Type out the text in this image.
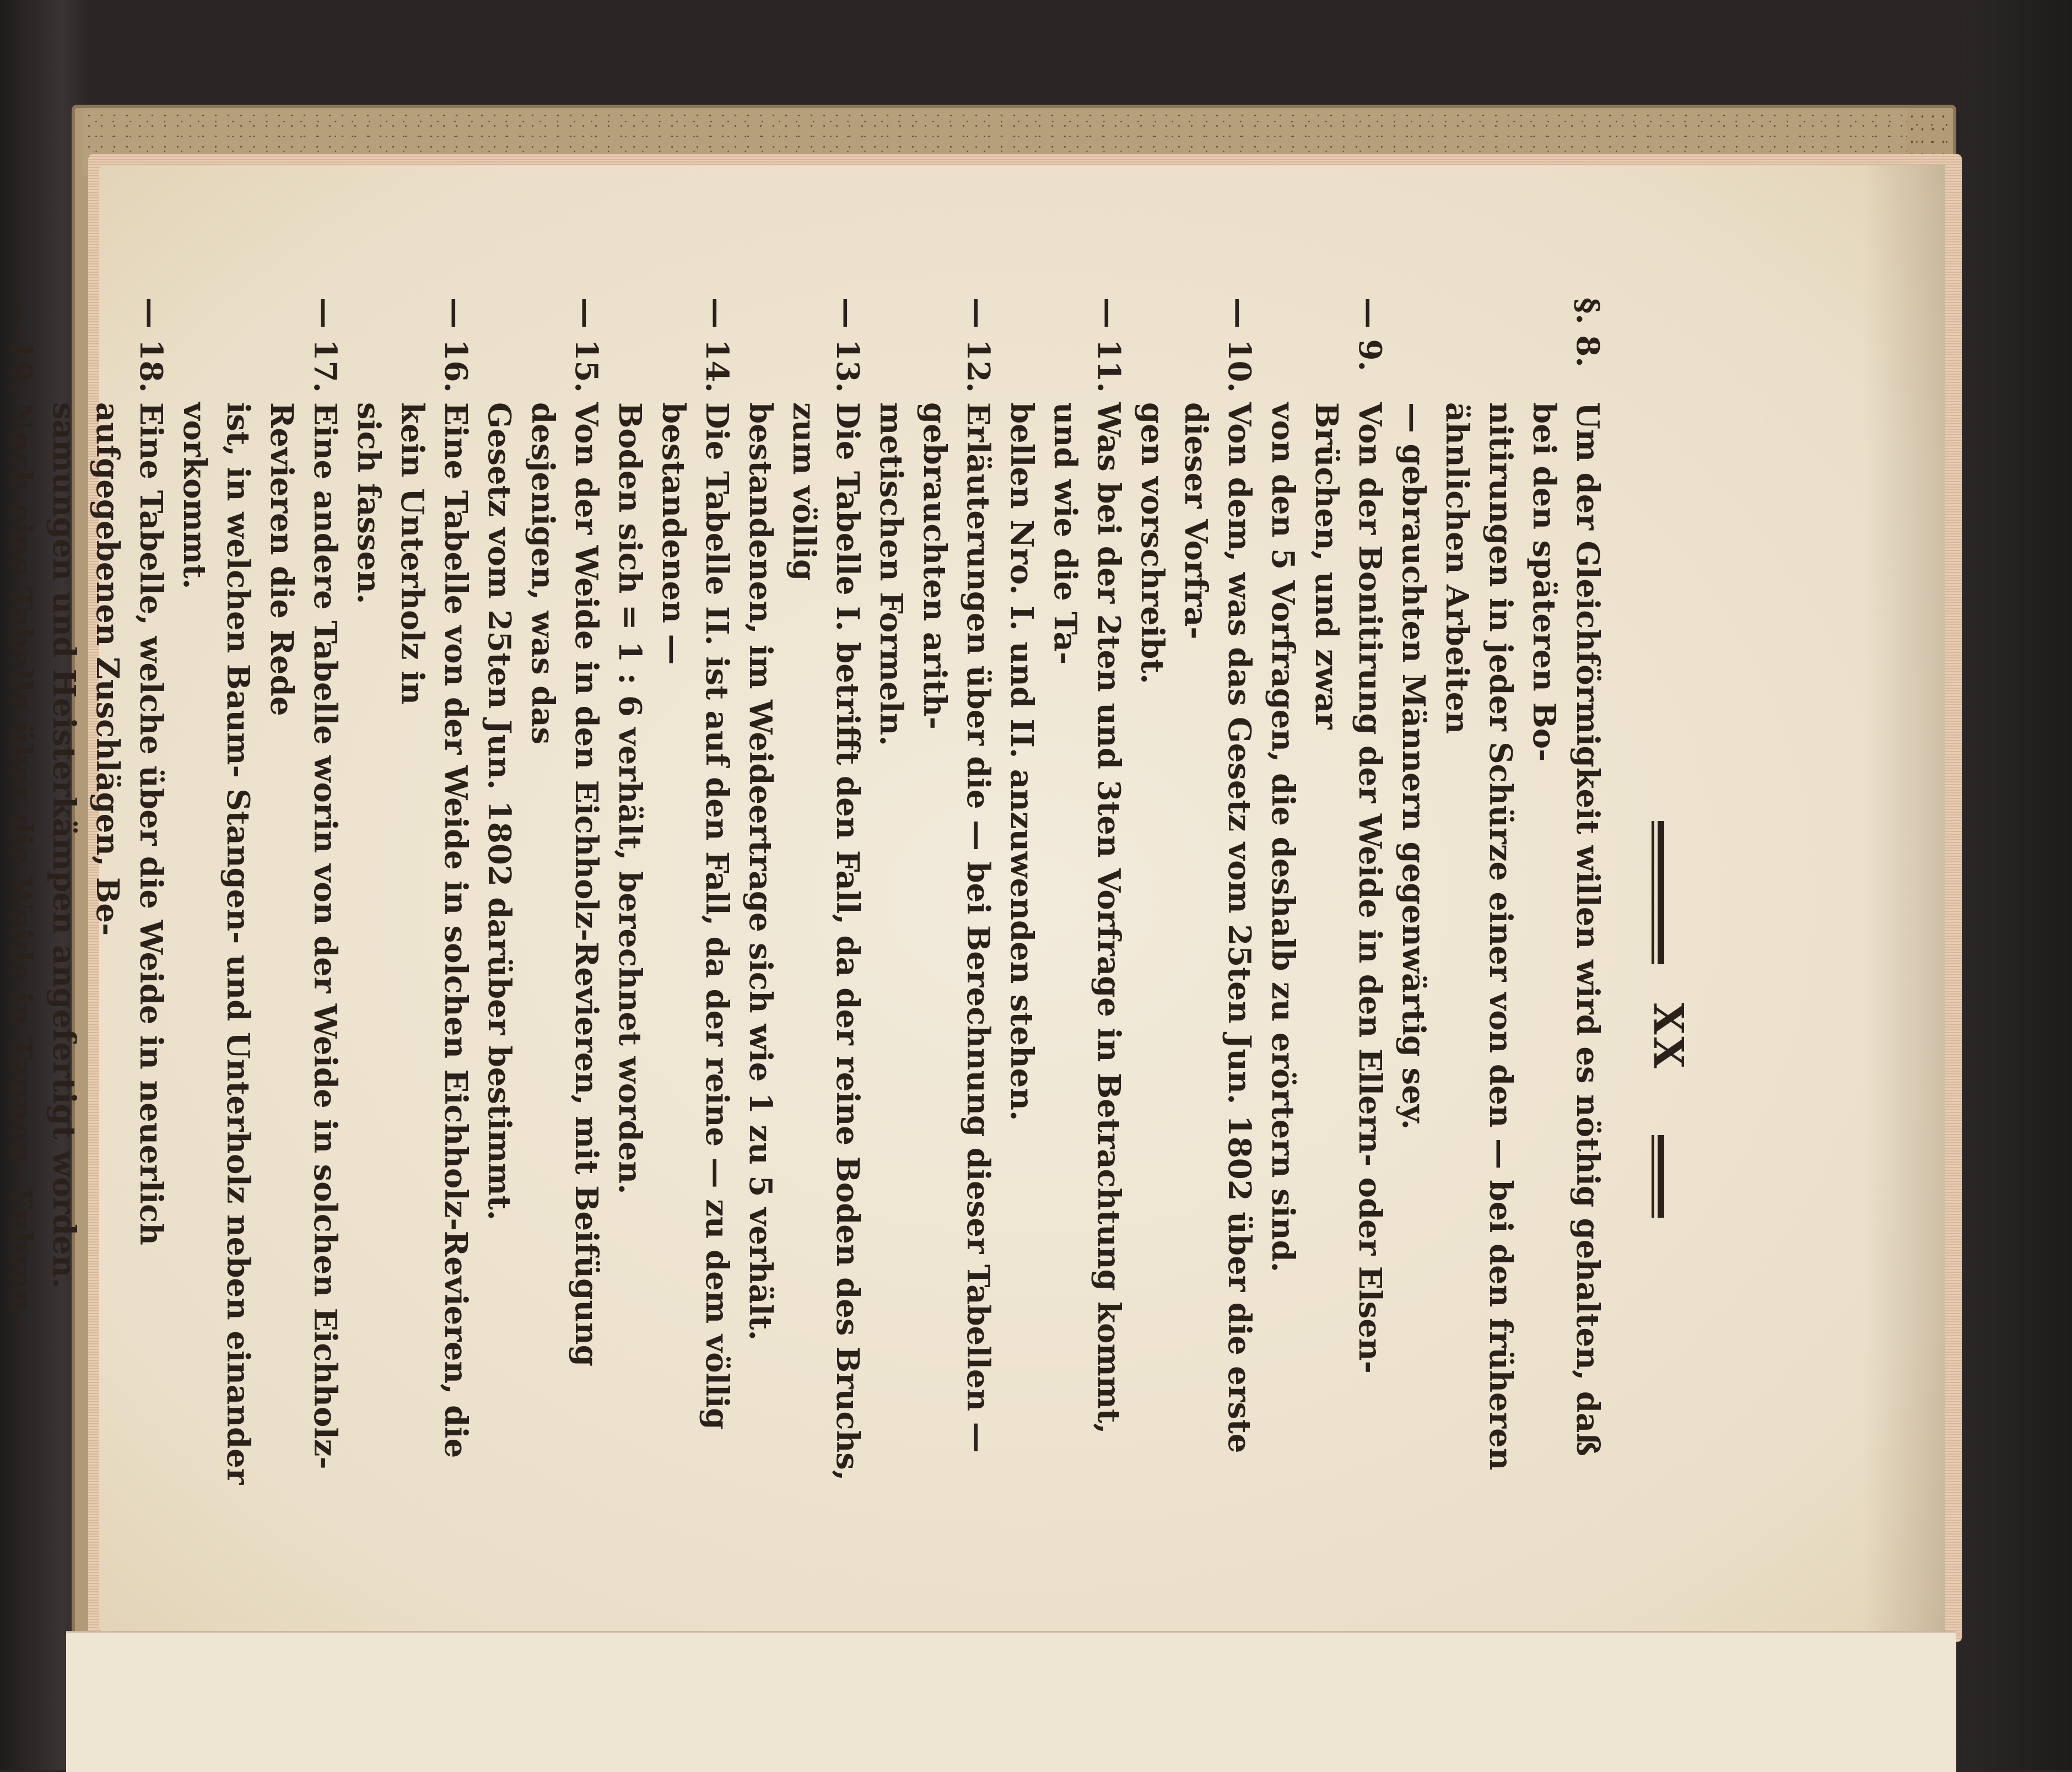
XX
§. 8.Um der Gleichförmigkeit willen wird es nöthig gehalten, daß bei den späteren Bo-
nitirungen in jeder Schürze einer von den — bei den früheren ähnlichen Arbeiten
— gebrauchten Männern gegenwärtig sey.
— 9.Von der Bonitirung der Weide in den Ellern- oder Elsen-Brüchen, und zwar
von den 5 Vorfragen, die deshalb zu erörtern sind.
— 10.Von dem, was das Gesetz vom 25ten Jun. 1802 über die erste dieser Vorfra-
gen vorschreibt.
— 11.Was bei der 2ten und 3ten Vorfrage in Betrachtung kommt, und wie die Ta-
bellen Nro. I. und II. anzuwenden stehen.
— 12.Erläuterungen über die — bei Berechnung dieser Tabellen — gebrauchten arith-
metischen Formeln.
— 13.Die Tabelle I. betrifft den Fall, da der reine Boden des Bruchs, zum völlig
bestandenen, im Weideertrage sich wie 1 zu 5 verhält.
— 14.Die Tabelle II. ist auf den Fall, da der reine — zu dem völlig bestandenen —
Boden sich = 1 : 6 verhält, berechnet worden.
— 15.Von der Weide in den Eichholz-Revieren, mit Beifügung desjenigen, was das
Gesetz vom 25ten Jun. 1802 darüber bestimmt.
— 16.Eine Tabelle von der Weide in solchen Eichholz-Revieren, die kein Unterholz in
sich fassen.
— 17.Eine andere Tabelle worin von der Weide in solchen Eichholz-Revieren die Rede
ist, in welchen Baum- Stangen- und Unterholz neben einander vorkommt.
— 18.Eine Tabelle, welche über die Weide in neuerlich aufgegebenen Zuschlägen, Be-
samungen und Heisterkämpen angefertigt worden.
— 19.Noch eine Tabelle über die Weide in Tannen- Fuhren-
